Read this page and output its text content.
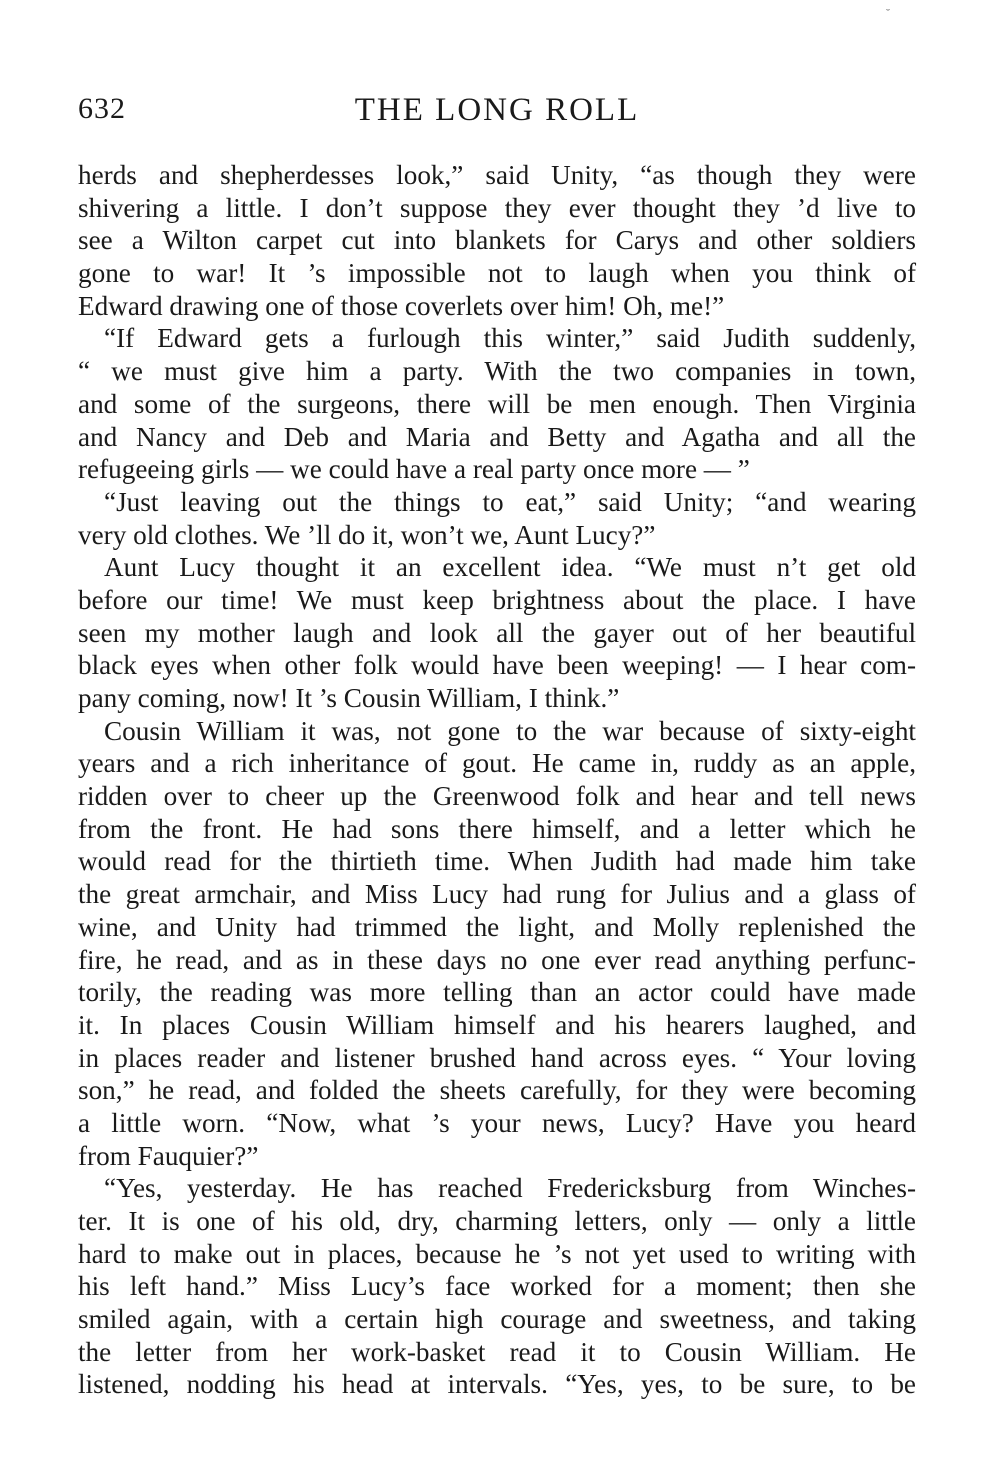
˘
632	THE LONG ROLL
herds and shepherdesses look,” said Unity, “as though they were
shivering a little. I don’t suppose they ever thought they ’d live to
see a Wilton carpet cut into blankets for Carys and other soldiers
gone to war! It ’s impossible not to laugh when you think of
Edward drawing one of those coverlets over him! Oh, me!”
“If Edward gets a furlough this winter,” said Judith suddenly,
“ we must give him a party. With the two companies in town,
and some of the surgeons, there will be men enough. Then Virginia
and Nancy and Deb and Maria and Betty and Agatha and all the
refugeeing girls — we could have a real party once more — ”
“Just leaving out the things to eat,” said Unity; “and wearing
very old clothes. We ’ll do it, won’t we, Aunt Lucy?”
Aunt Lucy thought it an excellent idea. “We must n’t get old
before our time! We must keep brightness about the place. I have
seen my mother laugh and look all the gayer out of her beautiful
black eyes when other folk would have been weeping! — I hear com-
pany coming, now! It ’s Cousin William, I think.”
Cousin William it was, not gone to the war because of sixty-eight
years and a rich inheritance of gout. He came in, ruddy as an apple,
ridden over to cheer up the Greenwood folk and hear and tell news
from the front. He had sons there himself, and a letter which he
would read for the thirtieth time. When Judith had made him take
the great armchair, and Miss Lucy had rung for Julius and a glass of
wine, and Unity had trimmed the light, and Molly replenished the
fire, he read, and as in these days no one ever read anything perfunc-
torily, the reading was more telling than an actor could have made
it. In places Cousin William himself and his hearers laughed, and
in places reader and listener brushed hand across eyes. “ Your loving
son,” he read, and folded the sheets carefully, for they were becoming
a little worn. “Now, what ’s your news, Lucy? Have you heard
from Fauquier?”
“Yes, yesterday. He has reached Fredericksburg from Winches-
ter. It is one of his old, dry, charming letters, only — only a little
hard to make out in places, because he ’s not yet used to writing with
his left hand.” Miss Lucy’s face worked for a moment; then she
smiled again, with a certain high courage and sweetness, and taking
the letter from her work-basket read it to Cousin William. He
listened, nodding his head at intervals. “Yes, yes, to be sure, to be
